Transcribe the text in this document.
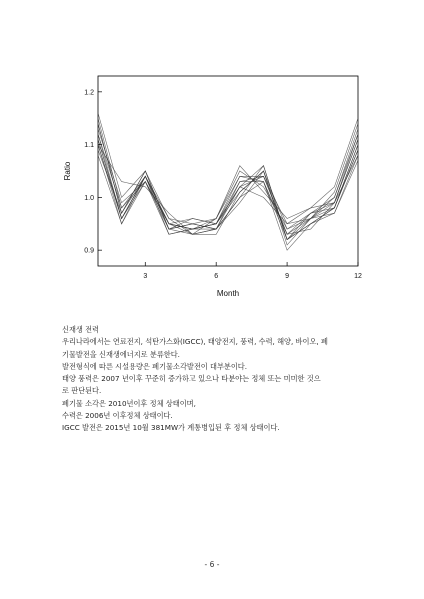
3	6	9	12
0.9
1.0
1.1
1.2
Ratio
Month
신재생 전력
우리나라에서는 연료전지, 석탄가스화(IGCC), 태양전지, 풍력, 수력, 해양, 바이오, 폐
기물발전을 신재생에너지로 분류한다.
발전형식에 따른 시설용량은 폐기물소각발전이 대부분이다.
태양 풍력은 2007 년이후 꾸준히 증가하고 있으나 타분야는 정체 또는 미미한 것으
로 판단된다.
폐기물 소각은 2010년이후 정체 상태이며,
수력은 2006년 이후정체 상태이다.
IGCC 발전은 2015년 10월 381MW가 계통병입된 후 정체 상태이다.
- 6 -
